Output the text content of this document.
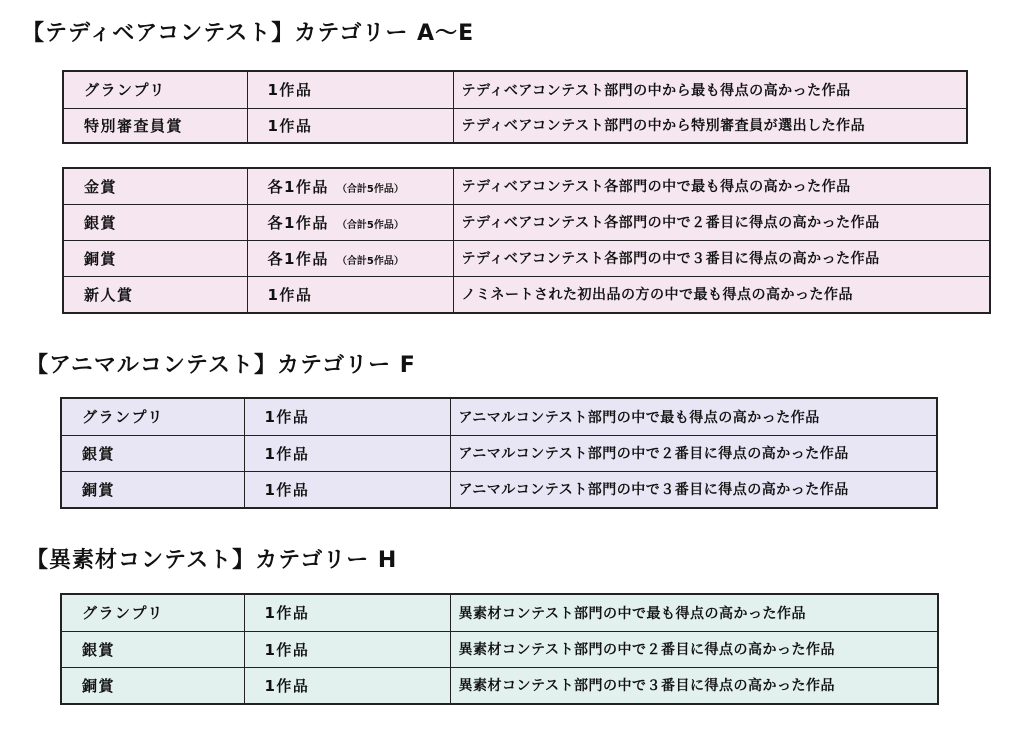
【テディベアコンテスト】カテゴリー A〜E
グランプリ	1作品	テディベアコンテスト部門の中から最も得点の高かった作品
特別審査員賞	1作品	テディベアコンテスト部門の中から特別審査員が選出した作品
金賞	各1作品 （合計5作品）	テディベアコンテスト各部門の中で最も得点の高かった作品
銀賞	各1作品 （合計5作品）	テディベアコンテスト各部門の中で２番目に得点の高かった作品
銅賞	各1作品 （合計5作品）	テディベアコンテスト各部門の中で３番目に得点の高かった作品
新人賞	1作品	ノミネートされた初出品の方の中で最も得点の高かった作品
【アニマルコンテスト】カテゴリー F
グランプリ	1作品	アニマルコンテスト部門の中で最も得点の高かった作品
銀賞	1作品	アニマルコンテスト部門の中で２番目に得点の高かった作品
銅賞	1作品	アニマルコンテスト部門の中で３番目に得点の高かった作品
【異素材コンテスト】カテゴリー H
グランプリ	1作品	異素材コンテスト部門の中で最も得点の高かった作品
銀賞	1作品	異素材コンテスト部門の中で２番目に得点の高かった作品
銅賞	1作品	異素材コンテスト部門の中で３番目に得点の高かった作品
